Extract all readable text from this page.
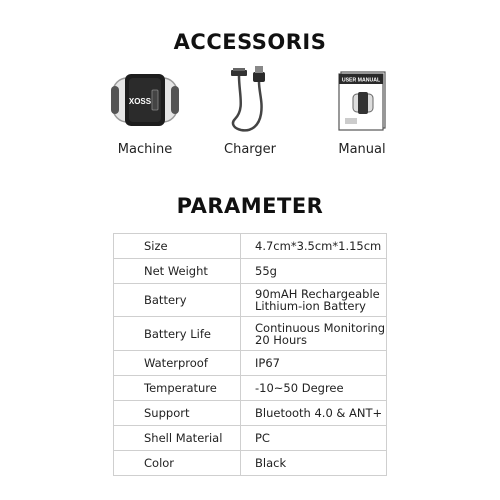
ACCESSORIS
XOSS
Machine	Charger
USER MANUAL
Manual
PARAMETER
Size	4.7cm*3.5cm*1.15cm
Net Weight	55g
Battery	90mAH Rechargeable
Lithium-ion Battery
Battery Life	Continuous Monitoring
20 Hours
Waterproof	IP67
Temperature	-10~50 Degree
Support	Bluetooth 4.0 & ANT+
Shell Material	PC
Color	Black
